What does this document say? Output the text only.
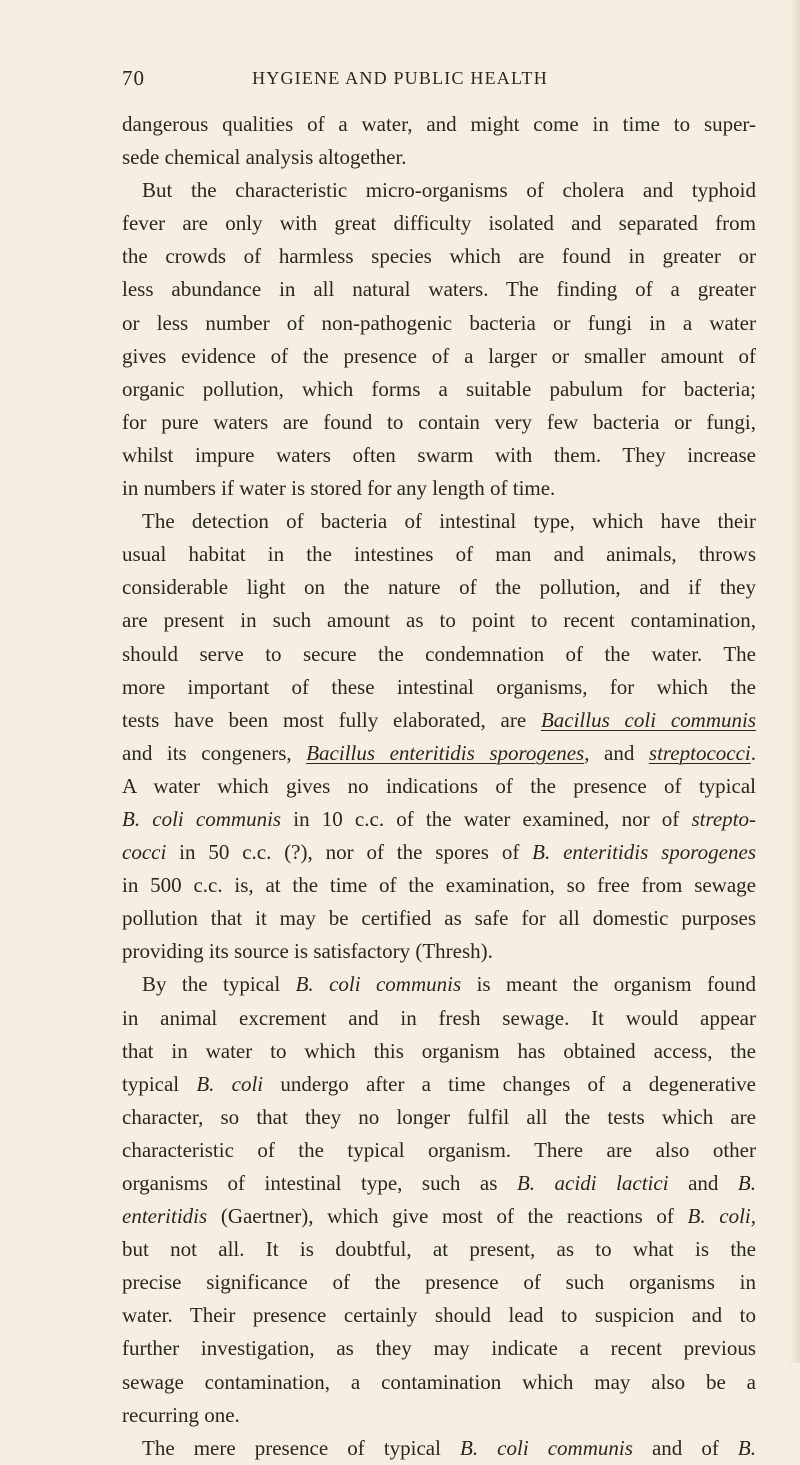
70	HYGIENE AND PUBLIC HEALTH
dangerous qualities of a water, and might come in time to super-
sede chemical analysis altogether.
But the characteristic micro-organisms of cholera and typhoid
fever are only with great difficulty isolated and separated from
the crowds of harmless species which are found in greater or
less abundance in all natural waters. The finding of a greater
or less number of non-pathogenic bacteria or fungi in a water
gives evidence of the presence of a larger or smaller amount of
organic pollution, which forms a suitable pabulum for bacteria;
for pure waters are found to contain very few bacteria or fungi,
whilst impure waters often swarm with them. They increase
in numbers if water is stored for any length of time.
The detection of bacteria of intestinal type, which have their
usual habitat in the intestines of man and animals, throws
considerable light on the nature of the pollution, and if they
are present in such amount as to point to recent contamination,
should serve to secure the condemnation of the water. The
more important of these intestinal organisms, for which the
tests have been most fully elaborated, are Bacillus coli communis
and its congeners, Bacillus enteritidis sporogenes, and streptococci.
A water which gives no indications of the presence of typical
B. coli communis in 10 c.c. of the water examined, nor of strepto-
cocci in 50 c.c. (?), nor of the spores of B. enteritidis sporogenes
in 500 c.c. is, at the time of the examination, so free from sewage
pollution that it may be certified as safe for all domestic purposes
providing its source is satisfactory (Thresh).
By the typical B. coli communis is meant the organism found
in animal excrement and in fresh sewage. It would appear
that in water to which this organism has obtained access, the
typical B. coli undergo after a time changes of a degenerative
character, so that they no longer fulfil all the tests which are
characteristic of the typical organism. There are also other
organisms of intestinal type, such as B. acidi lactici and B.
enteritidis (Gaertner), which give most of the reactions of B. coli,
but not all. It is doubtful, at present, as to what is the
precise significance of the presence of such organisms in
water. Their presence certainly should lead to suspicion and to
further investigation, as they may indicate a recent previous
sewage contamination, a contamination which may also be a
recurring one.
The mere presence of typical B. coli communis and of B.
